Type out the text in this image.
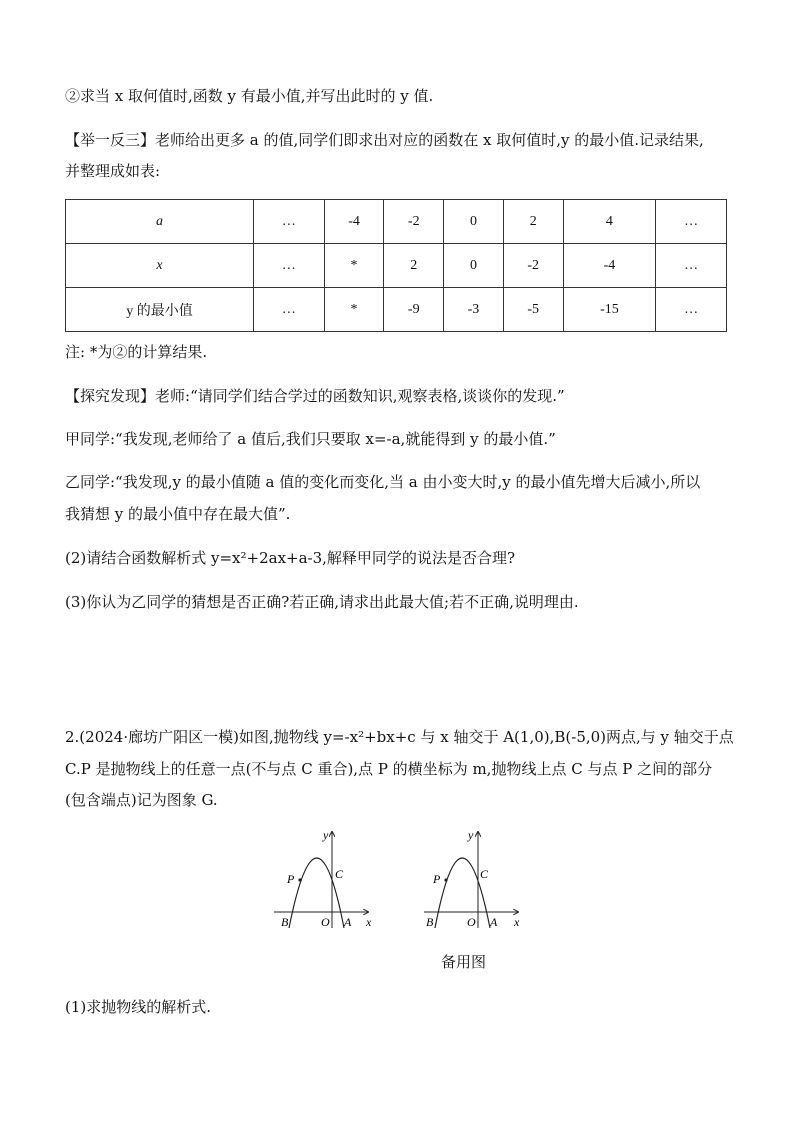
②求当 x 取何值时,函数 y 有最小值,并写出此时的 y 值.
【举一反三】老师给出更多 a 的值,同学们即求出对应的函数在 x 取何值时,y 的最小值.记录结果,
并整理成如表:
a	…	-4	-2	0	2	4	…
x	…	*	2	0	-2	-4	…
y 的最小值	…	*	-9	-3	-5	-15	…
注: *为②的计算结果.
【探究发现】老师:“请同学们结合学过的函数知识,观察表格,谈谈你的发现.”
甲同学:“我发现,老师给了 a 值后,我们只要取 x=-a,就能得到 y 的最小值.”
乙同学:“我发现,y 的最小值随 a 值的变化而变化,当 a 由小变大时,y 的最小值先增大后减小,所以
我猜想 y 的最小值中存在最大值”.
(2)请结合函数解析式 y=x²+2ax+a-3,解释甲同学的说法是否合理?
(3)你认为乙同学的猜想是否正确?若正确,请求出此最大值;若不正确,说明理由.
2.(2024·廊坊广阳区一模)如图,抛物线 y=-x²+bx+c 与 x 轴交于 A(1,0),B(-5,0)两点,与 y 轴交于点
C.P 是抛物线上的任意一点(不与点 C 重合),点 P 的横坐标为 m,抛物线上点 C 与点 P 之间的部分
(包含端点)记为图象 G.
y
x
O A
B
C
P
y
x
O A
B
C
P
备用图
(1)求抛物线的解析式.
